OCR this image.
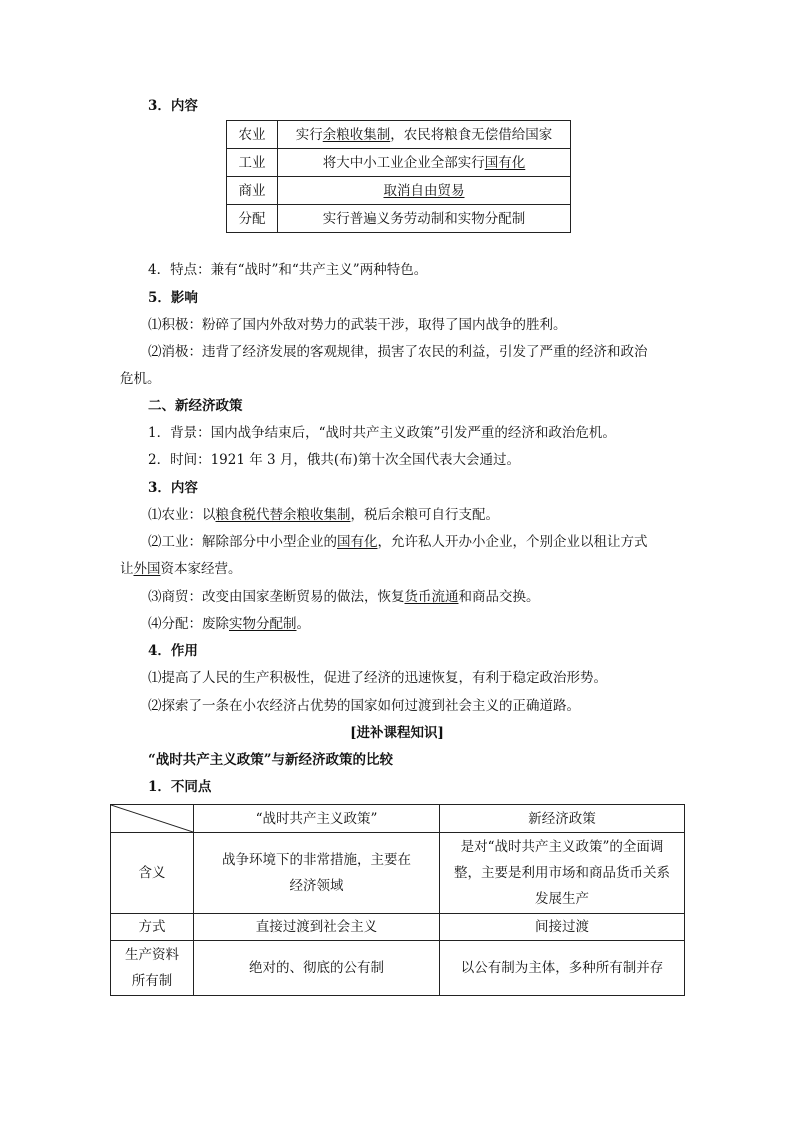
3．内容
农业	实行余粮收集制，农民将粮食无偿借给国家
工业	将大中小工业企业全部实行国有化
商业	取消自由贸易
分配	实行普遍义务劳动制和实物分配制
4．特点：兼有“战时”和“共产主义”两种特色。
5．影响
⑴积极：粉碎了国内外敌对势力的武装干涉，取得了国内战争的胜利。
⑵消极：违背了经济发展的客观规律，损害了农民的利益，引发了严重的经济和政治
危机。
二、新经济政策
1．背景：国内战争结束后，“战时共产主义政策”引发严重的经济和政治危机。
2．时间：1921 年 3 月，俄共(布)第十次全国代表大会通过。
3．内容
⑴农业：以粮食税代替余粮收集制，税后余粮可自行支配。
⑵工业：解除部分中小型企业的国有化，允许私人开办小企业，个别企业以租让方式
让外国资本家经营。
⑶商贸：改变由国家垄断贸易的做法，恢复货币流通和商品交换。
⑷分配：废除实物分配制。
4．作用
⑴提高了人民的生产积极性，促进了经济的迅速恢复，有利于稳定政治形势。
⑵探索了一条在小农经济占优势的国家如何过渡到社会主义的正确道路。
[进补课程知识]
“战时共产主义政策”与新经济政策的比较
1．不同点
	“战时共产主义政策”	新经济政策
含义	战争环境下的非常措施，主要在经济领域	是对“战时共产主义政策”的全面调整，主要是利用市场和商品货币关系发展生产
方式	直接过渡到社会主义	间接过渡
生产资料所有制	绝对的、彻底的公有制	以公有制为主体，多种所有制并存
